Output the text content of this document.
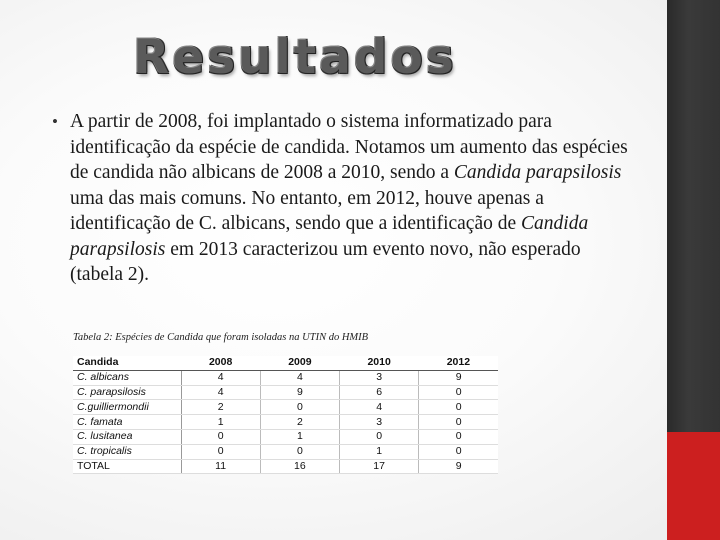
Resultados
• A partir de 2008, foi implantado o sistema informatizado para identificação da espécie de candida. Notamos um aumento das espécies de candida não albicans de 2008 a 2010, sendo a Candida parapsilosis uma das mais comuns. No entanto, em 2012, houve apenas a identificação de C. albicans, sendo que a identificação de Candida parapsilosis em 2013 caracterizou um evento novo, não esperado (tabela 2).
Tabela 2: Espécies de Candida que foram isoladas na UTIN do HMIB
Candida	2008	2009	2010	2012
C. albicans	4	4	3	9
C. parapsilosis	4	9	6	0
C.guilliermondii	2	0	4	0
C. famata	1	2	3	0
C. lusitanea	0	1	0	0
C. tropicalis	0	0	1	0
TOTAL	11	16	17	9
